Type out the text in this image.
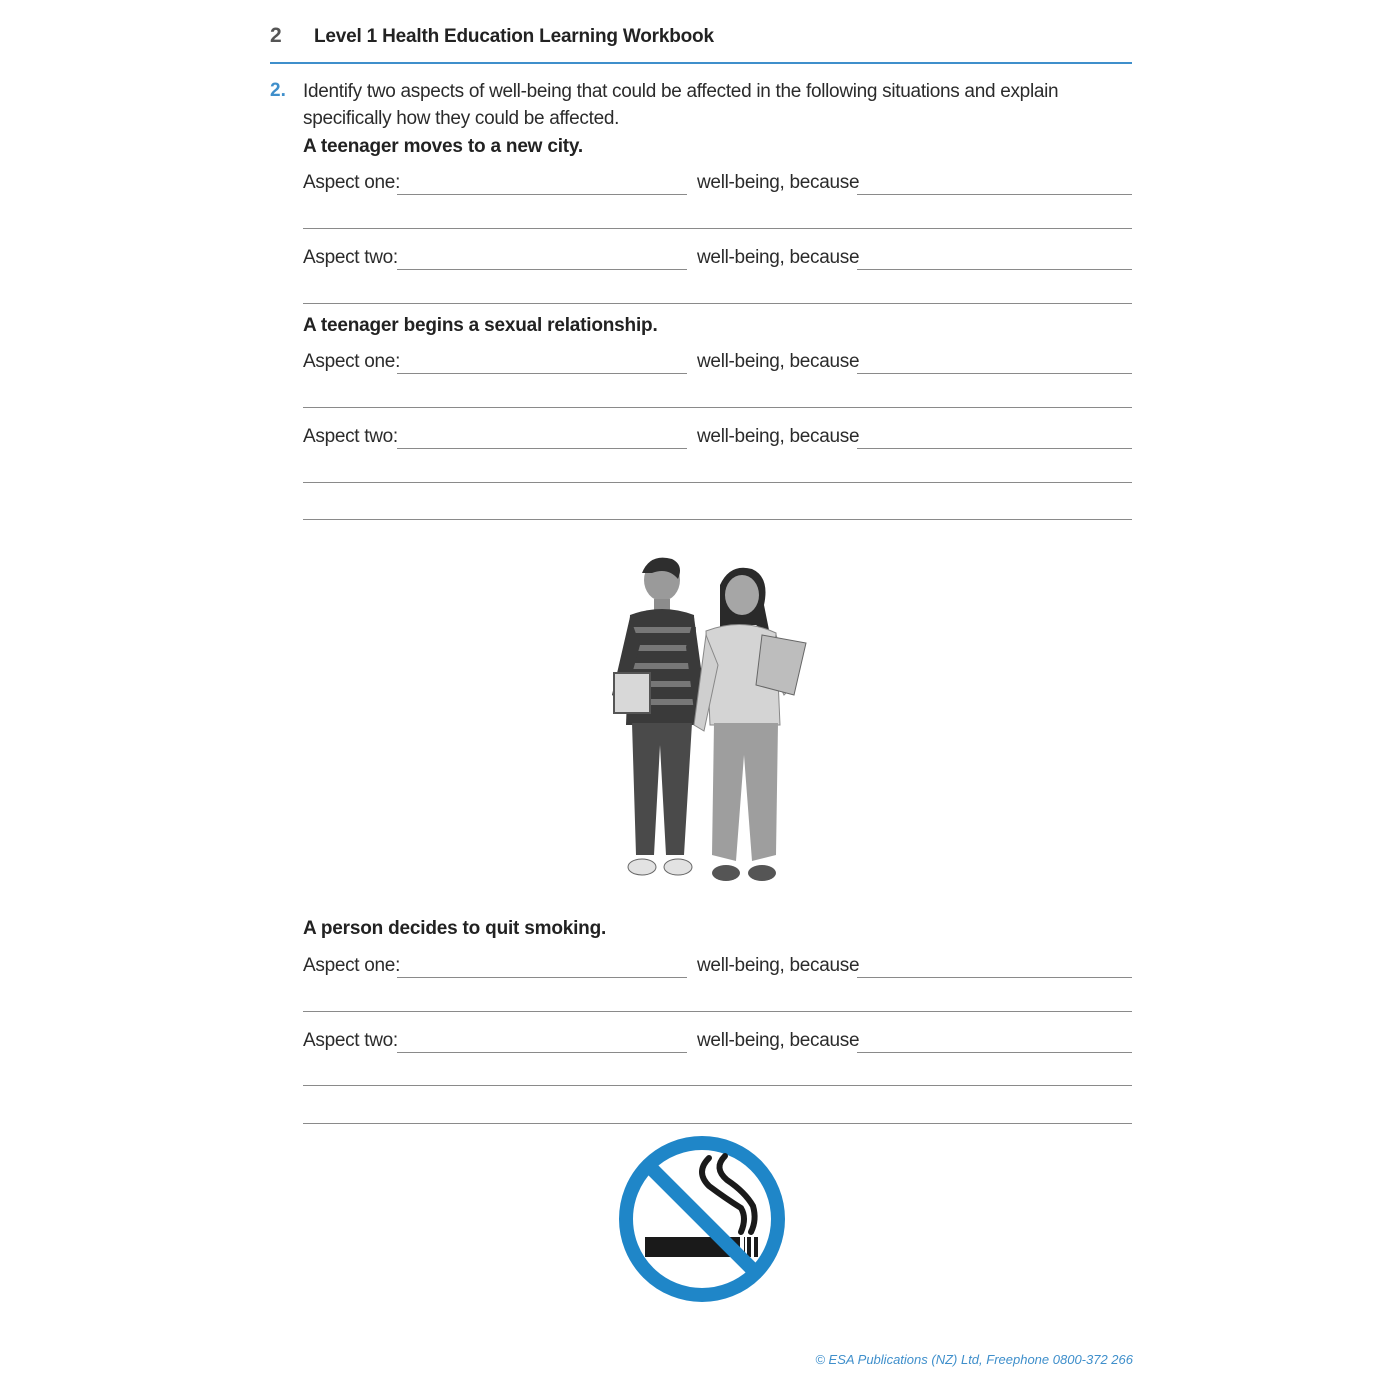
2 Level 1 Health Education Learning Workbook
2. Identify two aspects of well-being that could be affected in the following situations and explain specifically how they could be affected.
A teenager moves to a new city.
Aspect one:	well-being, because
Aspect two:	well-being, because
A teenager begins a sexual relationship.
Aspect one:	well-being, because
Aspect two:	well-being, because
A person decides to quit smoking.
Aspect one:	well-being, because
Aspect two:	well-being, because
© ESA Publications (NZ) Ltd, Freephone 0800-372 266
